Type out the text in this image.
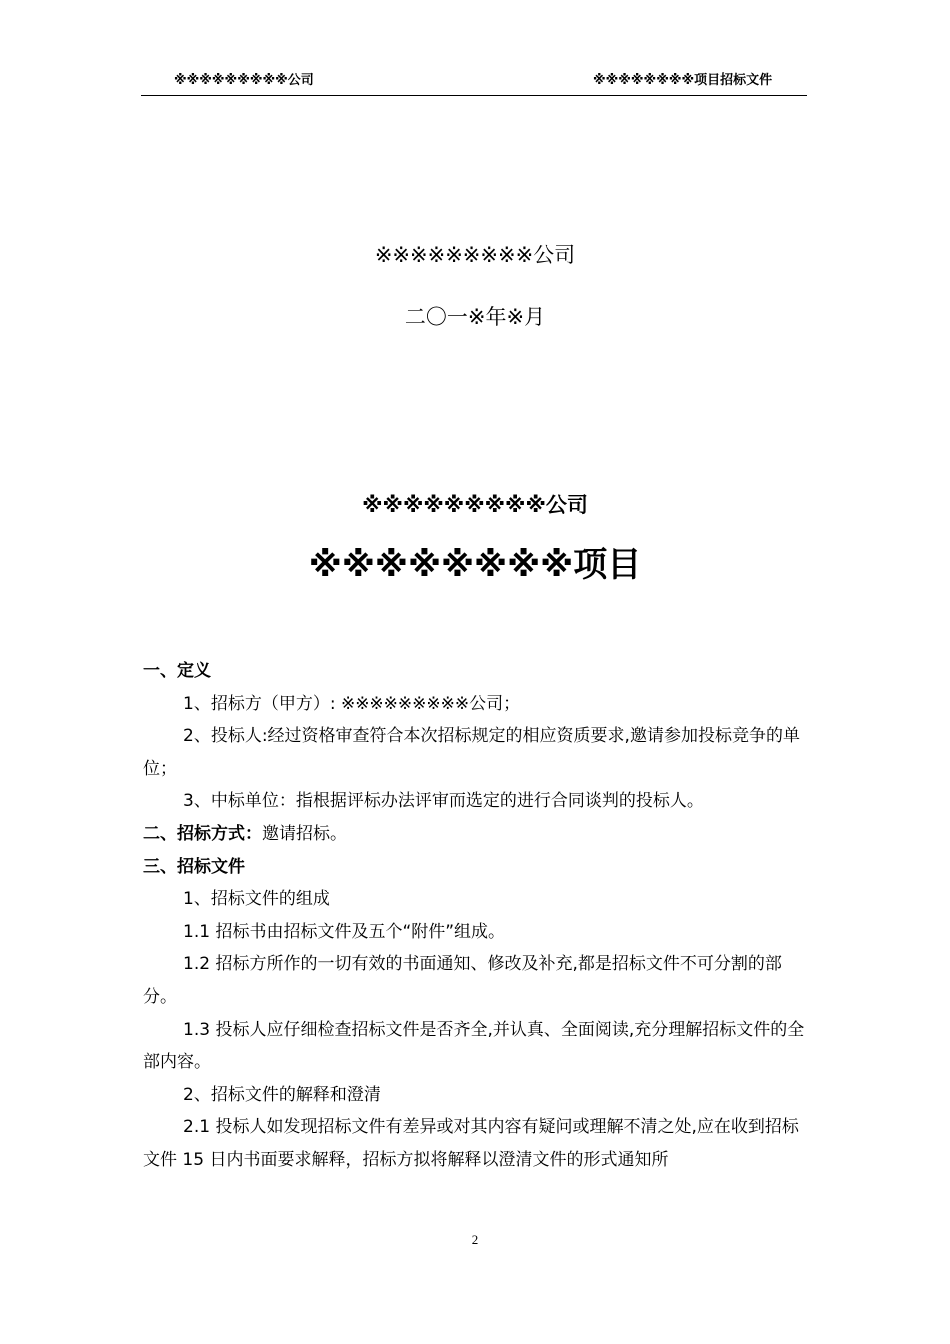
※※※※※※※※※公司	※※※※※※※※项目招标文件
※※※※※※※※※公司
二〇一※年※月
※※※※※※※※※公司
※※※※※※※※项目

一、定义

1、招标方（甲方）: ※※※※※※※※※公司；

2、投标人:经过资格审查符合本次招标规定的相应资质要求,邀请参加投标竞争的单位；

3、中标单位：指根据评标办法评审而选定的进行合同谈判的投标人。

二、招标方式：邀请招标。

三、招标文件

1、招标文件的组成

1.1 招标书由招标文件及五个“附件”组成。

1.2 招标方所作的一切有效的书面通知、修改及补充,都是招标文件不可分割的部分。

1.3 投标人应仔细检查招标文件是否齐全,并认真、全面阅读,充分理解招标文件的全部内容。

2、招标文件的解释和澄清

2.1 投标人如发现招标文件有差异或对其内容有疑问或理解不清之处,应在收到招标文件 15 日内书面要求解释，招标方拟将解释以澄清文件的形式通知所

2
